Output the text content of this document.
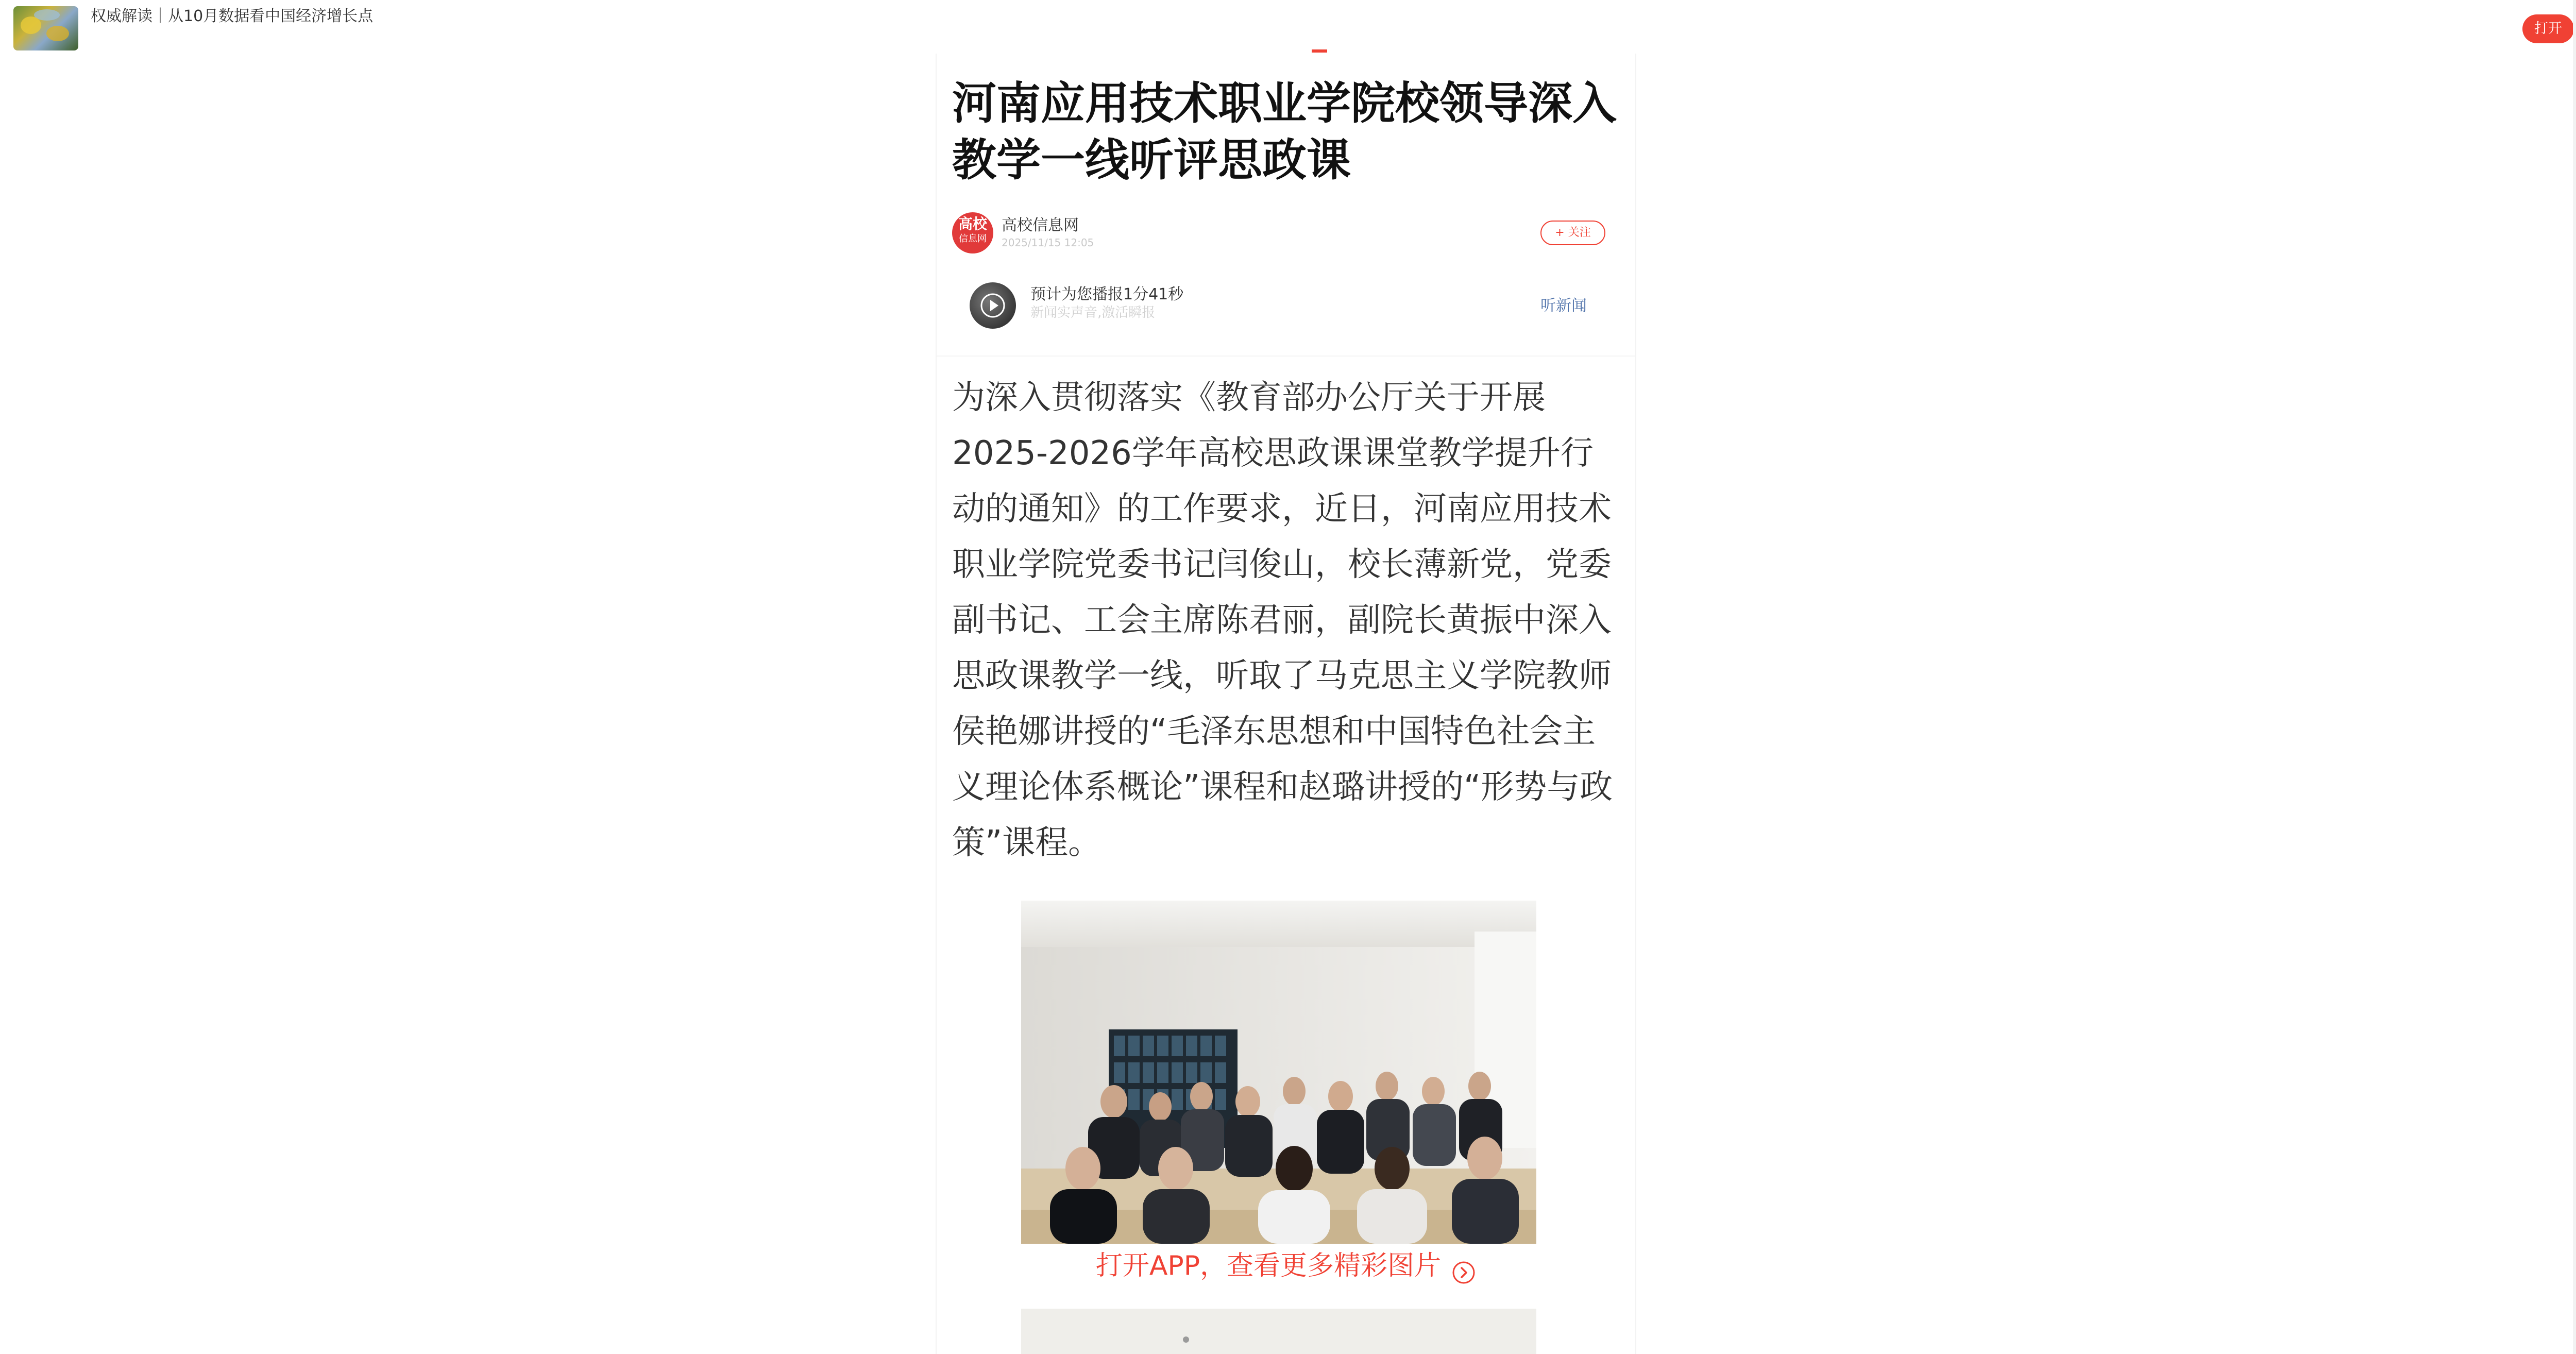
权威解读｜从10月数据看中国经济增长点
打开
河南应用技术职业学院校领导深入教学一线听评思政课
高校
信息网
高校信息网
2025/11/15 12:05
+ 关注
预计为您播报1分41秒
新闻实声音,激活瞬报	听新闻

为深入贯彻落实《教育部办公厅关于开展2025-2026学年高校思政课课堂教学提升行动的通知》的工作要求，近日，河南应用技术职业学院党委书记闫俊山，校长薄新党，党委副书记、工会主席陈君丽，副院长黄振中深入思政课教学一线，听取了马克思主义学院教师侯艳娜讲授的“毛泽东思想和中国特色社会主义理论体系概论”课程和赵璐讲授的“形势与政策”课程。

打开APP，查看更多精彩图片
